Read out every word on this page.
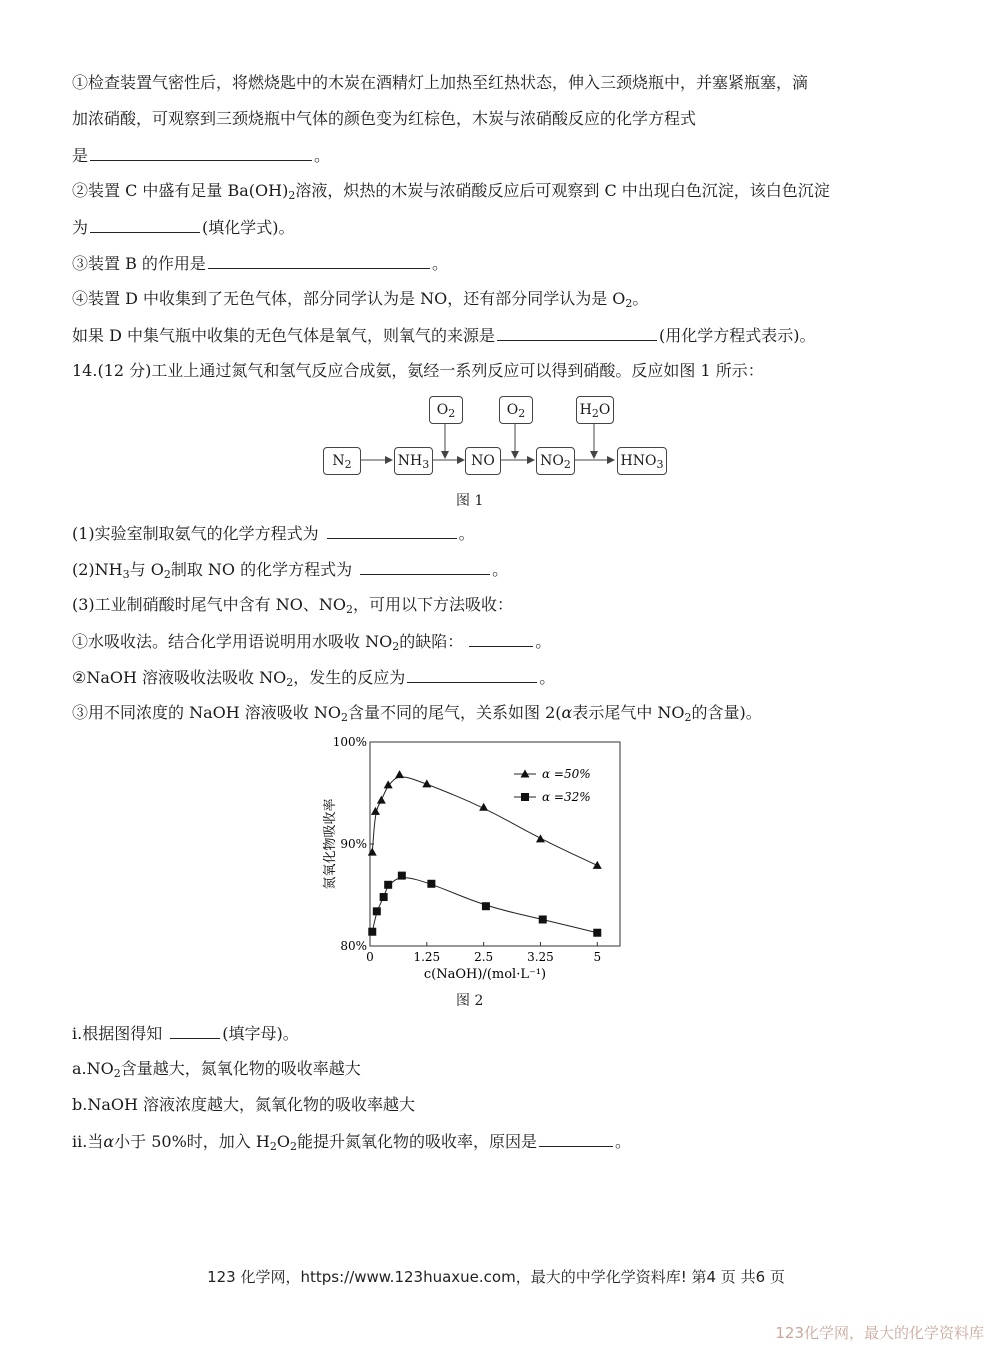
①检查装置气密性后，将燃烧匙中的木炭在酒精灯上加热至红热状态，伸入三颈烧瓶中，并塞紧瓶塞，滴
加浓硝酸，可观察到三颈烧瓶中气体的颜色变为红棕色，木炭与浓硝酸反应的化学方程式
是	。
②装置 C 中盛有足量 $Ba(OH)_2$溶液，炽热的木炭与浓硝酸反应后可观察到 C 中出现白色沉淀，该白色沉淀
为	(填化学式)。
③装置 B 的作用是	。
④装置 D 中收集到了无色气体，部分同学认为是 NO，还有部分同学认为是 $O_2$。
如果 D 中集气瓶中收集的无色气体是氧气，则氧气的来源是	(用化学方程式表示)。
14.(12 分)工业上通过氮气和氢气反应合成氨，氨经一系列反应可以得到硝酸。反应如图 1 所示：
$N_2$	$NH_3$	NO	$NO_2$	$HNO_3$
$O_2$	$O_2$	$H_2O$
图 1
(1)实验室制取氨气的化学方程式为	。
$(2)NH_3$与 $O_2$制取 NO 的化学方程式为	。
(3)工业制硝酸时尾气中含有 NO、$NO_2$，可用以下方法吸收：
①水吸收法。结合化学用语说明用水吸收 $NO_2$的缺陷：	。
②NaOH 溶液吸收法吸收 $NO_2$，发生的反应为	。
③用不同浓度的 NaOH 溶液吸收 $NO_2$含量不同的尾气，关系如图 2(α表示尾气中 $NO_2$的含量)。
80%
90%
100%
0	1.25	2.5	3.25	5
c(NaOH)/(mol·L⁻¹)
氮氧化物吸收率
α =50%
α =32%
图 2
ⅰ.根据图得知	(填字母)。
$a.NO_2$含量越大，氮氧化物的吸收率越大
b.NaOH 溶液浓度越大，氮氧化物的吸收率越大
ⅱ.当α小于 50%时，加入 $H_2O_2$能提升氮氧化物的吸收率，原因是	。
123 化学网，https://www.123huaxue.com，最大的中学化学资料库! 第4 页 共6 页
123化学网，最大的化学资料库
